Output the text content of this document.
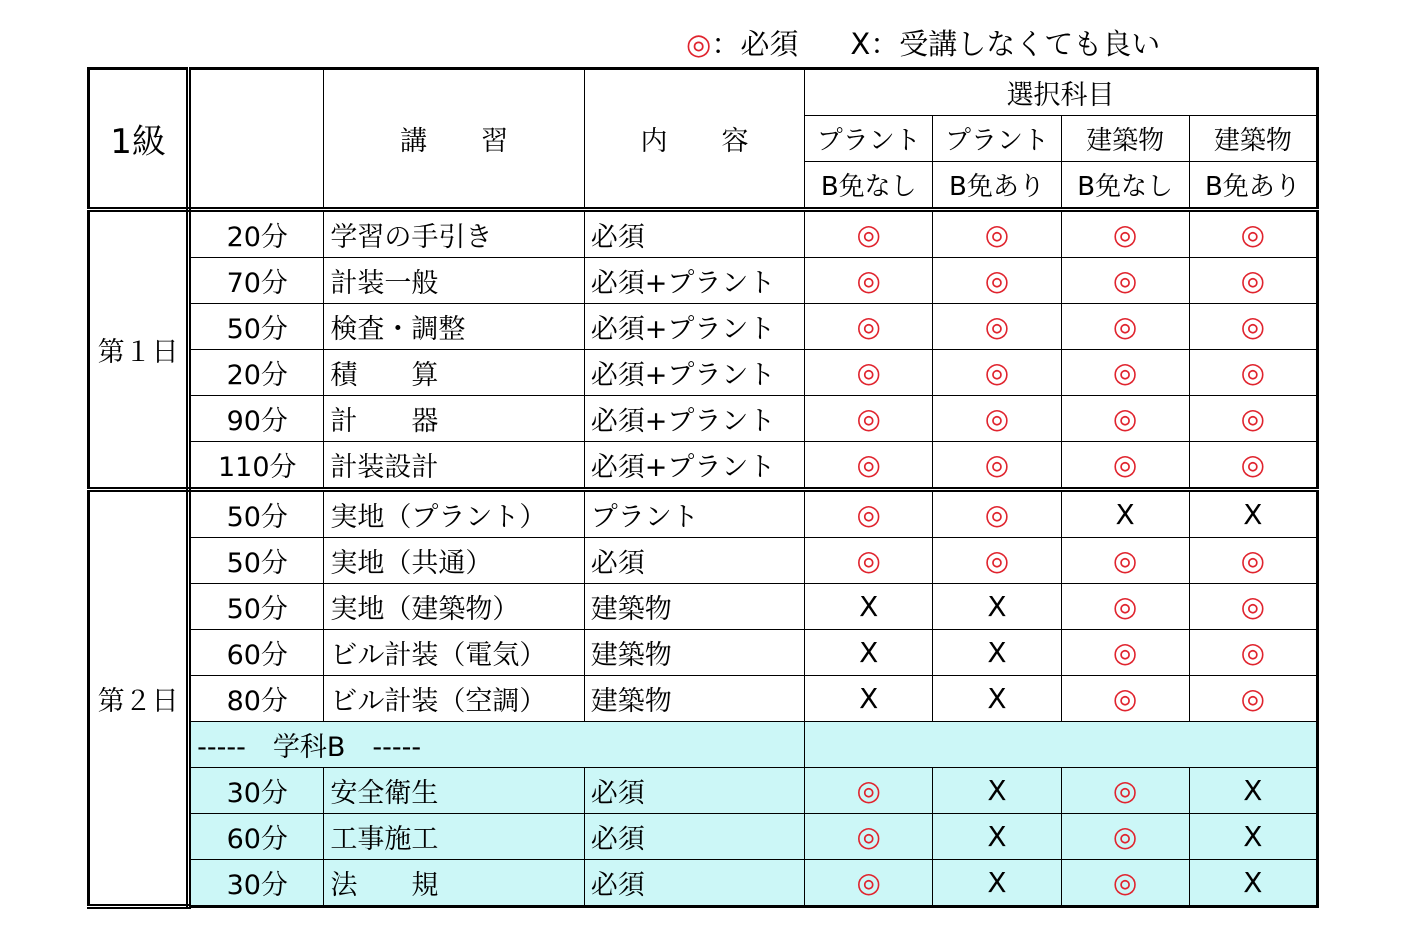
◎：必須 X：受講しなくても良い
1級		講　　習	内　　容	選択科目			
				プラント	プラント	建築物	建築物
				B免なし	B免あり	B免なし	B免あり
第１日	20分	学習の手引き	必須	◎	◎	◎	◎
	70分	計装一般	必須+プラント	◎	◎	◎	◎
	50分	検査・調整	必須+プラント	◎	◎	◎	◎
	20分	積　　算	必須+プラント	◎	◎	◎	◎
	90分	計　　器	必須+プラント	◎	◎	◎	◎
	110分	計装設計	必須+プラント	◎	◎	◎	◎
第２日	50分	実地（プラント）	プラント	◎	◎	X	X
	50分	実地（共通）	必須	◎	◎	◎	◎
	50分	実地（建築物）	建築物	X	X	◎	◎
	60分	ビル計装（電気）	建築物	X	X	◎	◎
	80分	ビル計装（空調）	建築物	X	X	◎	◎
	-----　学科B　-----						
	30分	安全衛生	必須	◎	X	◎	X
	60分	工事施工	必須	◎	X	◎	X
	30分	法　　規	必須	◎	X	◎	X
